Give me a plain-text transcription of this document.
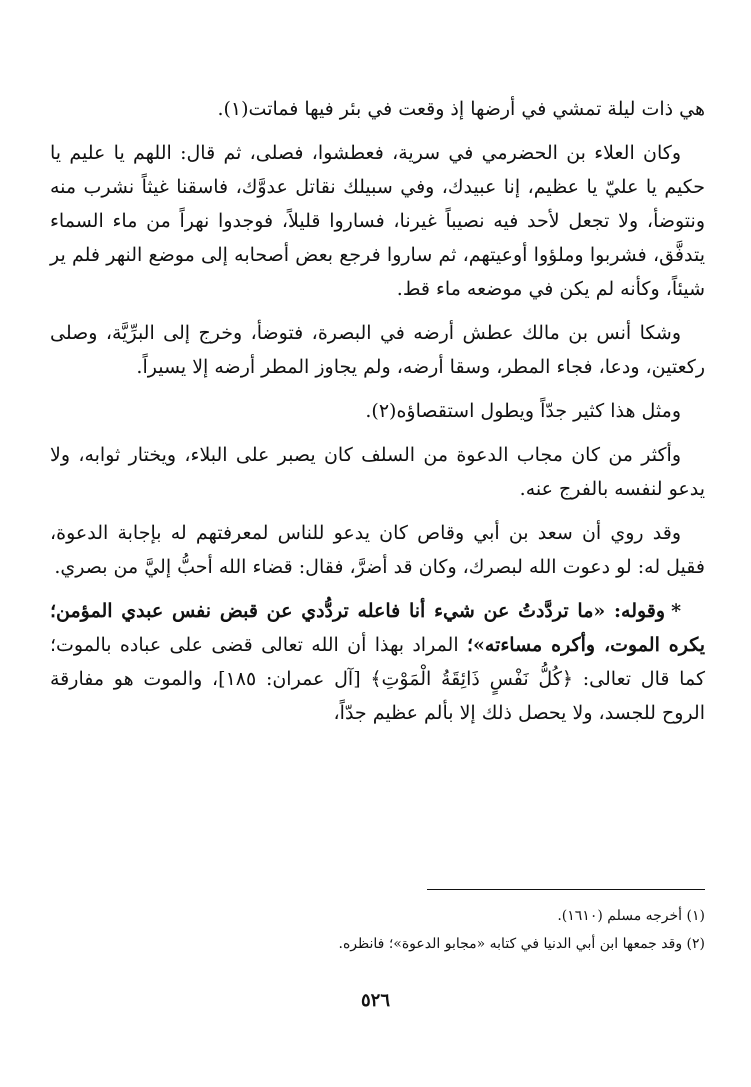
هي ذات ليلة تمشي في أرضها إذ وقعت في بئر فيها فماتت(١).

وكان العلاء بن الحضرمي في سرية، فعطشوا، فصلى، ثم قال: اللهم يا عليم يا حكيم يا عليّ يا عظيم، إنا عبيدك، وفي سبيلك نقاتل عدوَّك، فاسقنا غيثاً نشرب منه ونتوضأ، ولا تجعل لأحد فيه نصيباً غيرنا، فساروا قليلاً، فوجدوا نهراً من ماء السماء يتدفَّق، فشربوا وملؤوا أوعيتهم، ثم ساروا فرجع بعض أصحابه إلى موضع النهر فلم ير شيئاً، وكأنه لم يكن في موضعه ماء قط.

وشكا أنس بن مالك عطش أرضه في البصرة، فتوضأ، وخرج إلى البرِّيَّة، وصلى ركعتين، ودعا، فجاء المطر، وسقا أرضه، ولم يجاوز المطر أرضه إلا يسيراً.

ومثل هذا كثير جدّاً ويطول استقصاؤه(٢).

وأكثر من كان مجاب الدعوة من السلف كان يصبر على البلاء، ويختار ثوابه، ولا يدعو لنفسه بالفرج عنه.

وقد روي أن سعد بن أبي وقاص كان يدعو للناس لمعرفتهم له بإجابة الدعوة، فقيل له: لو دعوت الله لبصرك، وكان قد أضرَّ، فقال: قضاء الله أحبُّ إليَّ من بصري.

*وقوله: «ما تردَّدتُ عن شيء أنا فاعله تردُّدي عن قبض نفس عبدي المؤمن؛ يكره الموت، وأكره مساءته»؛ المراد بهذا أن الله تعالى قضى على عباده بالموت؛ كما قال تعالى: ﴿كُلُّ نَفْسٍ ذَائِقَةُ الْمَوْتِ﴾ [آل عمران: ١٨٥]، والموت هو مفارقة الروح للجسد، ولا يحصل ذلك إلا بألم عظيم جدّاً،

(١) أخرجه مسلم (١٦١٠).

(٢) وقد جمعها ابن أبي الدنيا في كتابه «مجابو الدعوة»؛ فانظره.

٥٢٦
